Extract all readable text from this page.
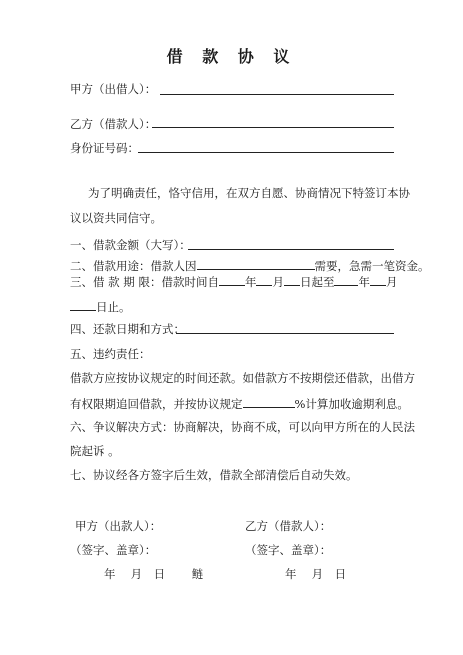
借 款 协 议
甲方（出借人）：
乙方（借款人）：
身份证号码：
为了明确责任，恪守信用，在双方自愿、协商情况下特签订本协
议以资共同信守。
一、借款金额（大写）：
二、借款用途：借款人因	需要，急需一笔资金。
三、借 款 期 限：借款时间自 年 月 日起至 年 月
日止。
四、还款日期和方式：
五、违约责任：
借款方应按协议规定的时间还款。如借款方不按期偿还借款，出借方
有权限期追回借款，并按协议规定	%计算加收逾期利息。
六、争议解决方式：协商解决，协商不成，可以向甲方所在的人民法
院起诉 。
七、协议经各方签字后生效，借款全部清偿后自动失效。
甲方（出款人）：	乙方（借款人）：
（签字、盖章）：	（签字、盖章）：
年　 月　日　　 鲢	年　 月　日
